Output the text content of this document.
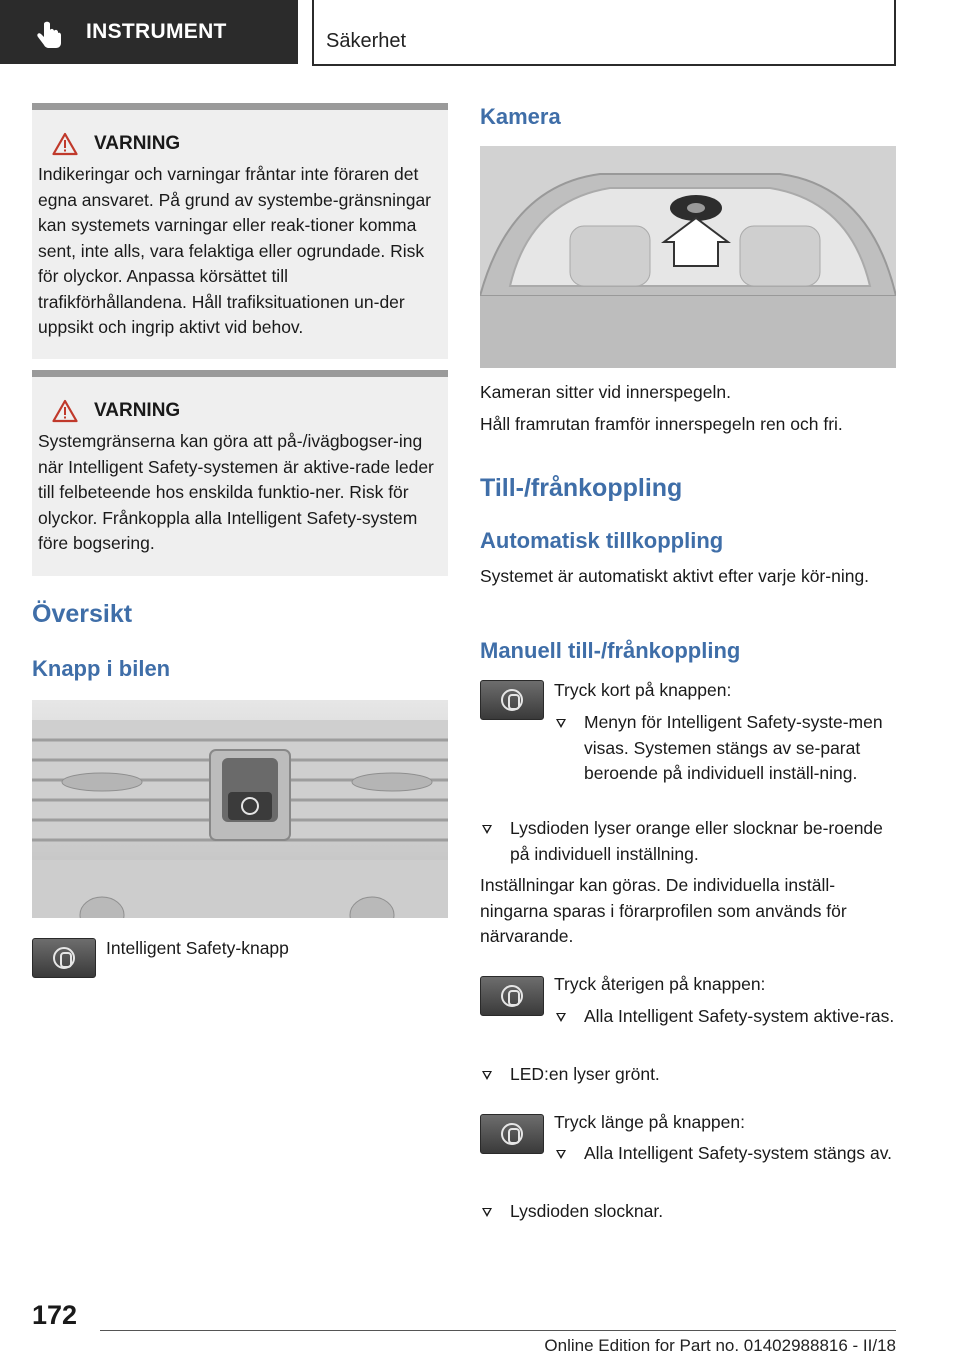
INSTRUMENT	Säkerhet
VARNING
Indikeringar och varningar fråntar inte föraren det egna ansvaret. På grund av systembe-gränsningar kan systemets varningar eller reak-tioner komma sent, inte alls, vara felaktiga eller ogrundade. Risk för olyckor. Anpassa körsättet till trafikförhållandena. Håll trafiksituationen un-der uppsikt och ingrip aktivt vid behov.
VARNING
Systemgränserna kan göra att på-/ivägbogser-ing när Intelligent Safety-systemen är aktive-rade leder till felbeteende hos enskilda funktio-ner. Risk för olyckor. Frånkoppla alla Intelligent Safety-system före bogsering.
Översikt
Knapp i bilen
Intelligent Safety-knapp
Kamera
Kameran sitter vid innerspegeln.
Håll framrutan framför innerspegeln ren och fri.
Till-/frånkoppling
Automatisk tillkoppling
Systemet är automatiskt aktivt efter varje kör-ning.
Manuell till-/frånkoppling
Tryck kort på knappen:
Menyn för Intelligent Safety-syste-men visas. Systemen stängs av se-parat beroende på individuell inställ-ning.
Lysdioden lyser orange eller slocknar be-roende på individuell inställning.
Inställningar kan göras. De individuella inställ-ningarna sparas i förarprofilen som används för närvarande.
Tryck återigen på knappen:
Alla Intelligent Safety-system aktive-ras.
LED:en lyser grönt.
Tryck länge på knappen:
Alla Intelligent Safety-system stängs av.
Lysdioden slocknar.
172
Online Edition for Part no. 01402988816 - II/18
